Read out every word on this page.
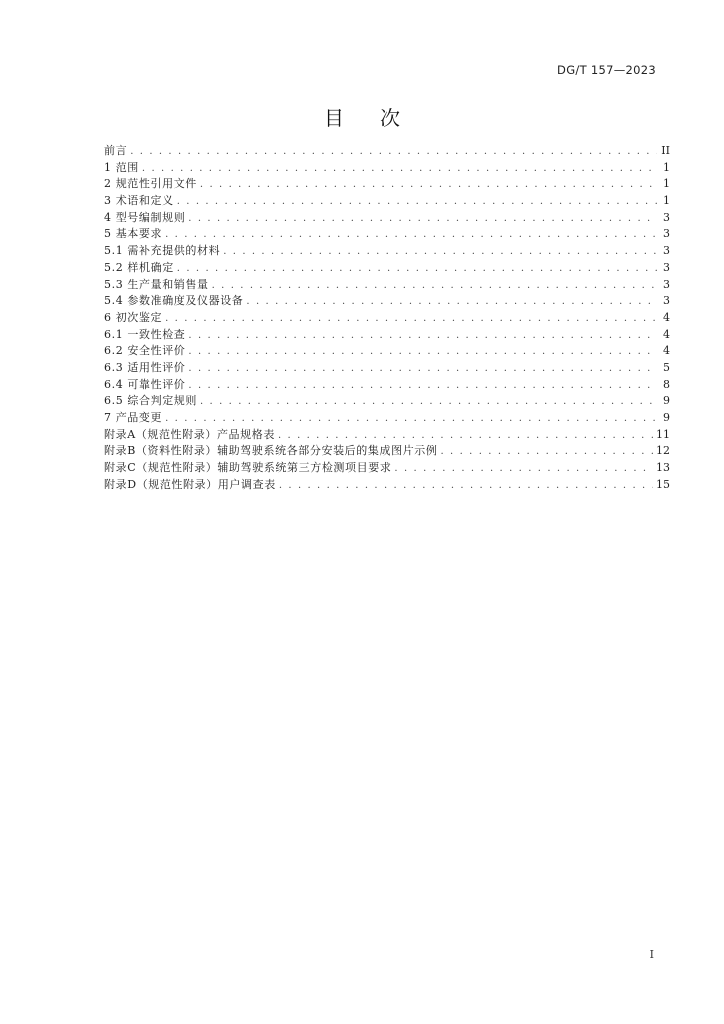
DG/T 157—2023
目次
前言 . . .	II
1 范围 . . .	1
2 规范性引用文件 . . .	1
3 术语和定义 . . .	1
4 型号编制规则 . . .	3
5 基本要求 . . .	3
5.1 需补充提供的材料 . . .	3
5.2 样机确定 . . .	3
5.3 生产量和销售量 . . .	3
5.4 参数准确度及仪器设备 . . .	3
6 初次鉴定 . . .	4
6.1 一致性检查 . . .	4
6.2 安全性评价 . . .	4
6.3 适用性评价 . . .	5
6.4 可靠性评价 . . .	8
6.5 综合判定规则 . . .	9
7 产品变更 . . .	9
附录A（规范性附录）产品规格表 . . .	11
附录B（资料性附录）辅助驾驶系统各部分安装后的集成图片示例 . . .	12
附录C（规范性附录）辅助驾驶系统第三方检测项目要求 . . .	13
附录D（规范性附录）用户调查表 . . .	15
I
